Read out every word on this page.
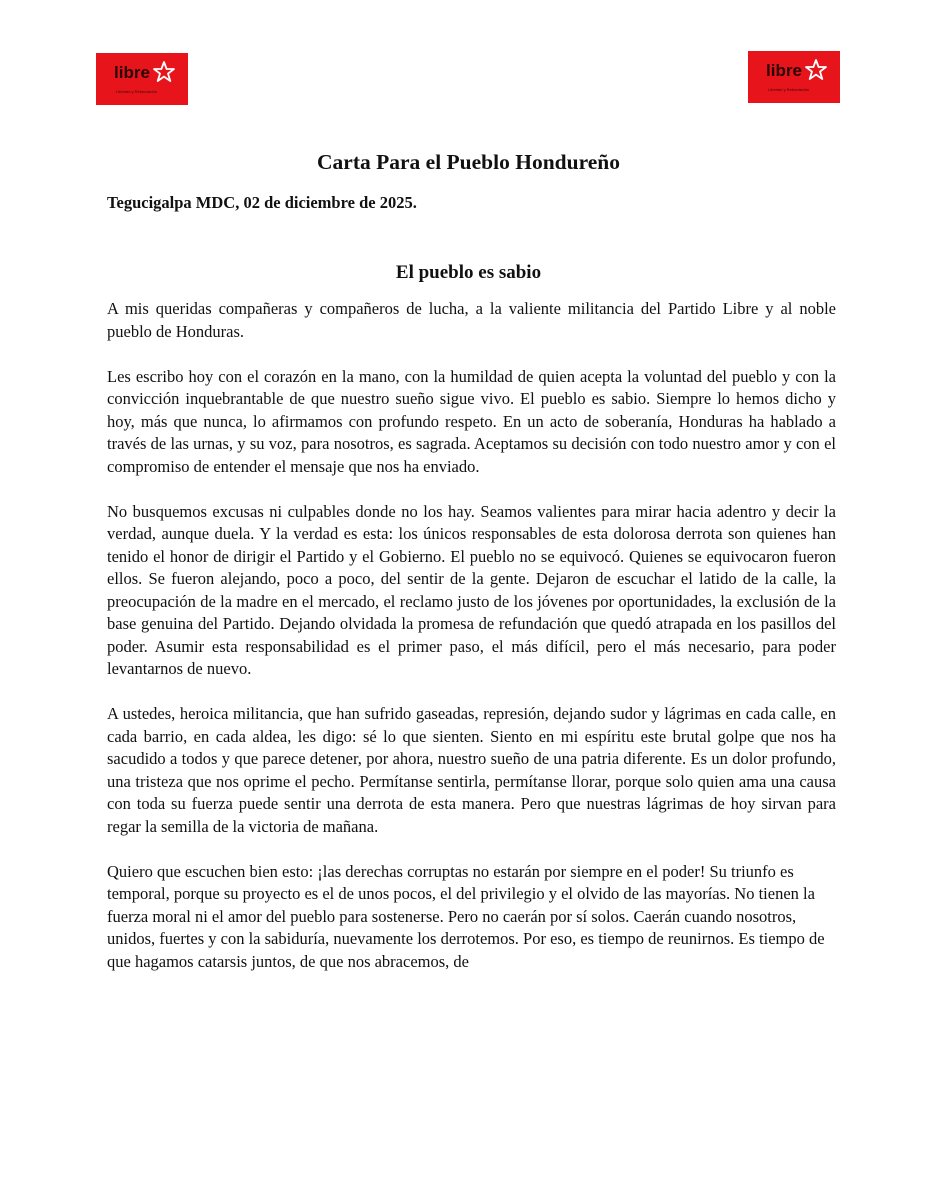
libre
Libertad y Refundación
libre
Libertad y Refundación
Carta Para el Pueblo Hondureño

Tegucigalpa MDC, 02 de diciembre de 2025.

El pueblo es sabio

A mis queridas compañeras y compañeros de lucha, a la valiente militancia del Partido Libre y al noble pueblo de Honduras.

Les escribo hoy con el corazón en la mano, con la humildad de quien acepta la voluntad del pueblo y con la convicción inquebrantable de que nuestro sueño sigue vivo. El pueblo es sabio. Siempre lo hemos dicho y hoy, más que nunca, lo afirmamos con profundo respeto. En un acto de soberanía, Honduras ha hablado a través de las urnas, y su voz, para nosotros, es sagrada. Aceptamos su decisión con todo nuestro amor y con el compromiso de entender el mensaje que nos ha enviado.

No busquemos excusas ni culpables donde no los hay. Seamos valientes para mirar hacia adentro y decir la verdad, aunque duela. Y la verdad es esta: los únicos responsables de esta dolorosa derrota son quienes han tenido el honor de dirigir el Partido y el Gobierno. El pueblo no se equivocó. Quienes se equivocaron fueron ellos. Se fueron alejando, poco a poco, del sentir de la gente. Dejaron de escuchar el latido de la calle, la preocupación de la madre en el mercado, el reclamo justo de los jóvenes por oportunidades, la exclusión de la base genuina del Partido. Dejando olvidada la promesa de refundación que quedó atrapada en los pasillos del poder. Asumir esta responsabilidad es el primer paso, el más difícil, pero el más necesario, para poder levantarnos de nuevo.

A ustedes, heroica militancia, que han sufrido gaseadas, represión, dejando sudor y lágrimas en cada calle, en cada barrio, en cada aldea, les digo: sé lo que sienten. Siento en mi espíritu este brutal golpe que nos ha sacudido a todos y que parece detener, por ahora, nuestro sueño de una patria diferente. Es un dolor profundo, una tristeza que nos oprime el pecho. Permítanse sentirla, permítanse llorar, porque solo quien ama una causa con toda su fuerza puede sentir una derrota de esta manera. Pero que nuestras lágrimas de hoy sirvan para regar la semilla de la victoria de mañana.

Quiero que escuchen bien esto: ¡las derechas corruptas no estarán por siempre en el poder! Su triunfo es temporal, porque su proyecto es el de unos pocos, el del privilegio y el olvido de las mayorías. No tienen la fuerza moral ni el amor del pueblo para sostenerse. Pero no caerán por sí solos. Caerán cuando nosotros, unidos, fuertes y con la sabiduría, nuevamente los derrotemos. Por eso, es tiempo de reunirnos. Es tiempo de que hagamos catarsis juntos, de que nos abracemos, de
